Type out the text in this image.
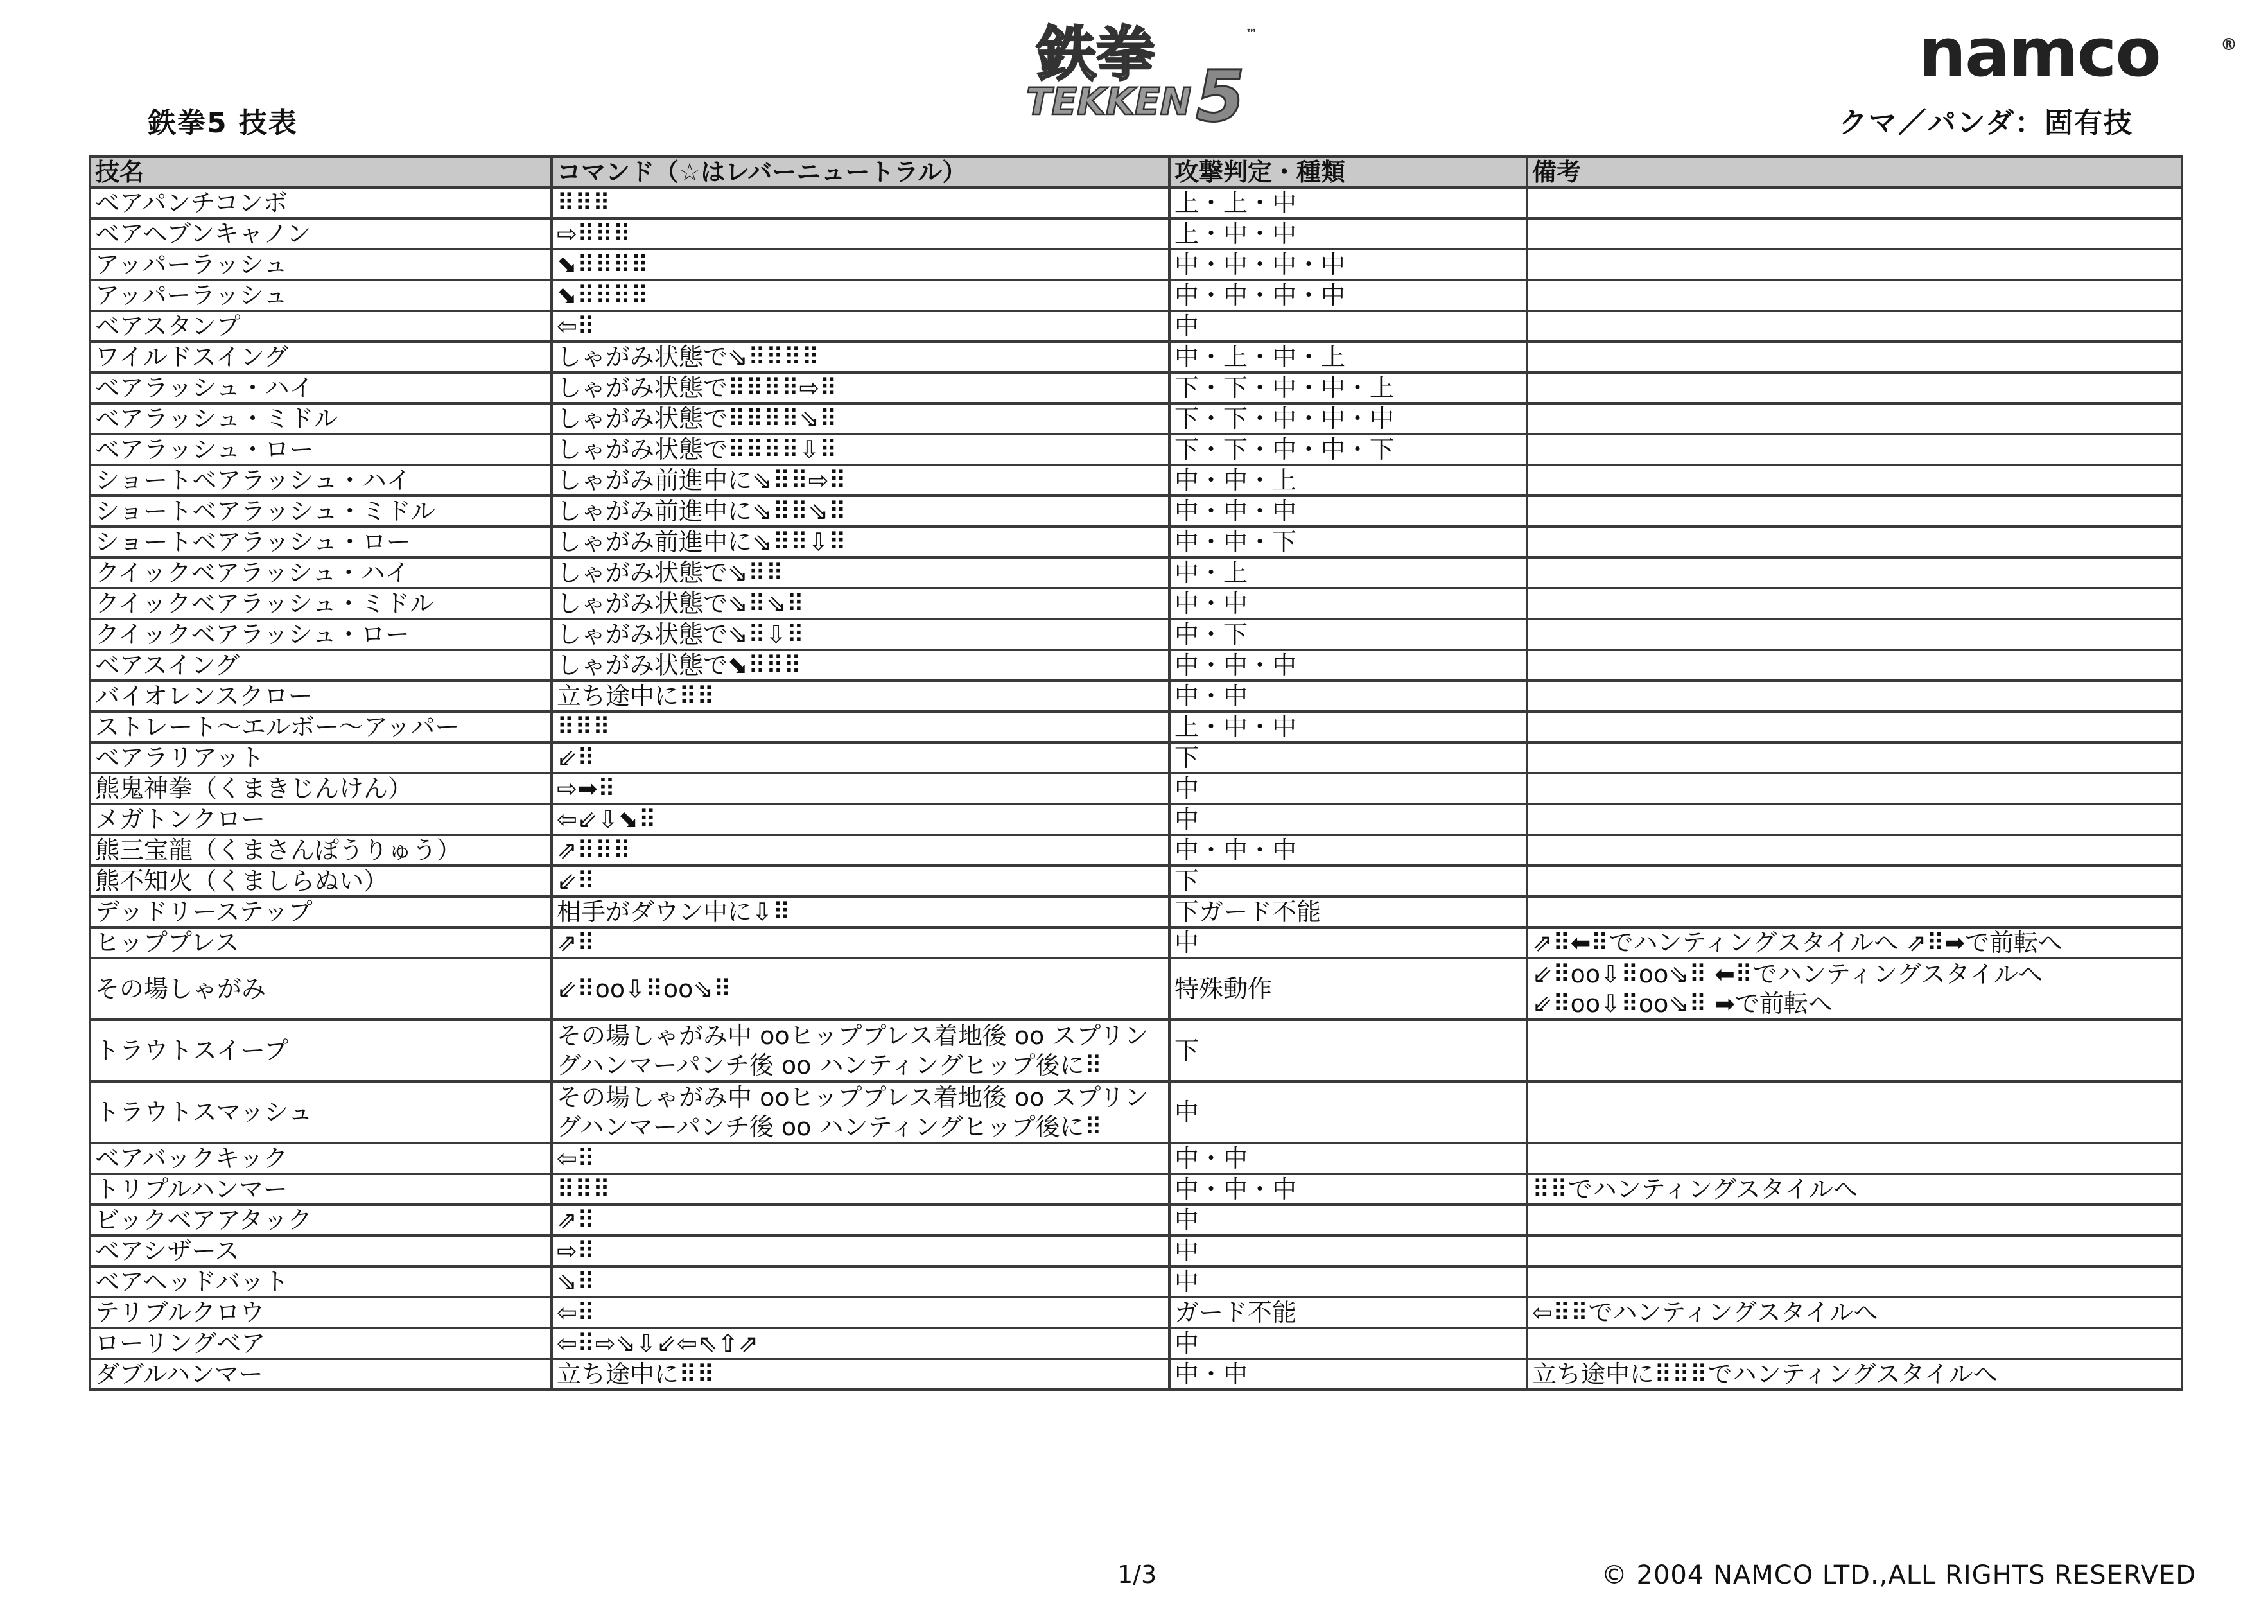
鉄拳5 技表
鉄拳	™
TEKKEN 5
namco	®
クマ／パンダ：固有技
技名	コマンド（☆はレバーニュートラル）	攻撃判定・種類	備考
ベアパンチコンボ	⠿⠿⠿	上・上・中	
ベアヘブンキャノン	⇨⠿⠿⠿	上・中・中	
アッパーラッシュ	⬊⠿⠿⠿⠿	中・中・中・中	
アッパーラッシュ	⬊⠿⠿⠿⠿	中・中・中・中	
ベアスタンプ	⇦⠿	中	
ワイルドスイング	しゃがみ状態で⇘⠿⠿⠿⠿	中・上・中・上	
ベアラッシュ・ハイ	しゃがみ状態で⠿⠿⠿⠿⇨⠿	下・下・中・中・上	
ベアラッシュ・ミドル	しゃがみ状態で⠿⠿⠿⠿⇘⠿	下・下・中・中・中	
ベアラッシュ・ロー	しゃがみ状態で⠿⠿⠿⠿⇩⠿	下・下・中・中・下	
ショートベアラッシュ・ハイ	しゃがみ前進中に⇘⠿⠿⇨⠿	中・中・上	
ショートベアラッシュ・ミドル	しゃがみ前進中に⇘⠿⠿⇘⠿	中・中・中	
ショートベアラッシュ・ロー	しゃがみ前進中に⇘⠿⠿⇩⠿	中・中・下	
クイックベアラッシュ・ハイ	しゃがみ状態で⇘⠿⠿	中・上	
クイックベアラッシュ・ミドル	しゃがみ状態で⇘⠿⇘⠿	中・中	
クイックベアラッシュ・ロー	しゃがみ状態で⇘⠿⇩⠿	中・下	
ベアスイング	しゃがみ状態で⬊⠿⠿⠿	中・中・中	
バイオレンスクロー	立ち途中に⠿⠿	中・中	
ストレート〜エルボー〜アッパー	⠿⠿⠿	上・中・中	
ベアラリアット	⇙⠿	下	
熊鬼神拳（くまきじんけん）	⇨➡⠿	中	
メガトンクロー	⇦⇙⇩⬊⠿	中	
熊三宝龍（くまさんぽうりゅう）	⇗⠿⠿⠿	中・中・中	
熊不知火（くましらぬい）	⇙⠿	下	
デッドリーステップ	相手がダウン中に⇩⠿	下ガード不能	
ヒッププレス	⇗⠿	中	⇗⠿⬅⠿でハンティングスタイルへ ⇗⠿➡で前転へ
その場しゃがみ	⇙⠿oo⇩⠿oo⇘⠿	特殊動作	⇙⠿oo⇩⠿oo⇘⠿ ⬅⠿でハンティングスタイルへ ⇙⠿oo⇩⠿oo⇘⠿ ➡で前転へ
トラウトスイープ	その場しゃがみ中 ooヒッププレス着地後 oo スプリングハンマーパンチ後 oo ハンティングヒップ後に⠿	下	
トラウトスマッシュ	その場しゃがみ中 ooヒッププレス着地後 oo スプリングハンマーパンチ後 oo ハンティングヒップ後に⠿	中	
ベアバックキック	⇦⠿	中・中	
トリプルハンマー	⠿⠿⠿	中・中・中	⠿⠿でハンティングスタイルへ
ビックベアアタック	⇗⠿	中	
ベアシザース	⇨⠿	中	
ベアヘッドバット	⇘⠿	中	
テリブルクロウ	⇦⠿	ガード不能	⇦⠿⠿でハンティングスタイルへ
ローリングベア	⇦⠿⇨⇘⇩⇙⇦⇖⇧⇗	中	
ダブルハンマー	立ち途中に⠿⠿	中・中	立ち途中に⠿⠿⠿でハンティングスタイルへ
1/3	© 2004 NAMCO LTD.,ALL RIGHTS RESERVED
